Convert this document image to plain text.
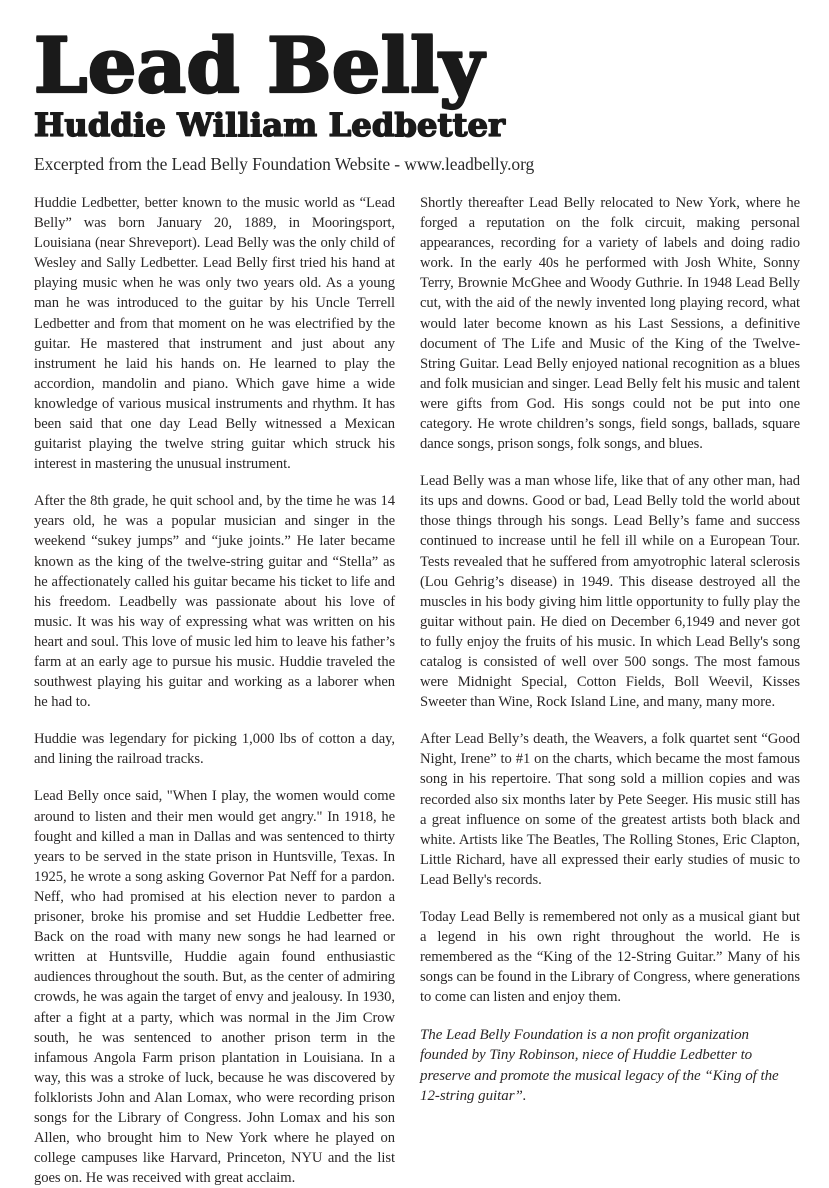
Lead Belly
Huddie William Ledbetter

Excerpted from the Lead Belly Foundation Website - www.leadbelly.org

Huddie Ledbetter, better known to the music world as “Lead Belly” was born January 20, 1889, in Mooringsport, Louisiana (near Shreveport). Lead Belly was the only child of Wesley and Sally Ledbetter. Lead Belly first tried his hand at playing music when he was only two years old. As a young man he was introduced to the guitar by his Uncle Terrell Ledbetter and from that moment on he was electrified by the guitar. He mastered that instrument and just about any instrument he laid his hands on. He learned to play the accordion, mandolin and piano. Which gave hime a wide knowledge of various musical instruments and rhythm. It has been said that one day Lead Belly witnessed a Mexican guitarist playing the twelve string guitar which struck his interest in mastering the unusual instrument.

After the 8th grade, he quit school and, by the time he was 14 years old, he was a popular musician and singer in the weekend “sukey jumps” and “juke joints.” He later became known as the king of the twelve-string guitar and “Stella” as he affectionately called his guitar became his ticket to life and his freedom. Leadbelly was passionate about his love of music. It was his way of expressing what was written on his heart and soul. This love of music led him to leave his father’s farm at an early age to pursue his music. Huddie traveled the southwest playing his guitar and working as a laborer when he had to.

Huddie was legendary for picking 1,000 lbs of cotton a day, and lining the railroad tracks.

Lead Belly once said, "When I play, the women would come around to listen and their men would get angry." In 1918, he fought and killed a man in Dallas and was sentenced to thirty years to be served in the state prison in Huntsville, Texas. In 1925, he wrote a song asking Governor Pat Neff for a pardon. Neff, who had promised at his election never to pardon a prisoner, broke his promise and set Huddie Ledbetter free. Back on the road with many new songs he had learned or written at Huntsville, Huddie again found enthusiastic audiences throughout the south. But, as the center of admiring crowds, he was again the target of envy and jealousy. In 1930, after a fight at a party, which was normal in the Jim Crow south, he was sentenced to another prison term in the infamous Angola Farm prison plantation in Louisiana. In a way, this was a stroke of luck, because he was discovered by folklorists John and Alan Lomax, who were recording prison songs for the Library of Congress. John Lomax and his son Allen, who brought him to New York where he played on college campuses like Harvard, Princeton, NYU and the list goes on. He was received with great acclaim.

Shortly thereafter Lead Belly relocated to New York, where he forged a reputation on the folk circuit, making personal appearances, recording for a variety of labels and doing radio work. In the early 40s he performed with Josh White, Sonny Terry, Brownie McGhee and Woody Guthrie. In 1948 Lead Belly cut, with the aid of the newly invented long playing record, what would later become known as his Last Sessions, a definitive document of The Life and Music of the King of the Twelve-String Guitar. Lead Belly enjoyed national recognition as a blues and folk musician and singer. Lead Belly felt his music and talent were gifts from God. His songs could not be put into one category. He wrote children’s songs, field songs, ballads, square dance songs, prison songs, folk songs, and blues.

Lead Belly was a man whose life, like that of any other man, had its ups and downs. Good or bad, Lead Belly told the world about those things through his songs. Lead Belly’s fame and success continued to increase until he fell ill while on a European Tour. Tests revealed that he suffered from amyotrophic lateral sclerosis (Lou Gehrig’s disease) in 1949. This disease destroyed all the muscles in his body giving him little opportunity to fully play the guitar without pain. He died on December 6,1949 and never got to fully enjoy the fruits of his music. In which Lead Belly's song catalog is consisted of well over 500 songs. The most famous were Midnight Special, Cotton Fields, Boll Weevil, Kisses Sweeter than Wine, Rock Island Line, and many, many more.

After Lead Belly’s death, the Weavers, a folk quartet sent “Good Night, Irene” to #1 on the charts, which became the most famous song in his repertoire. That song sold a million copies and was recorded also six months later by Pete Seeger. His music still has a great influence on some of the greatest artists both black and white. Artists like The Beatles, The Rolling Stones, Eric Clapton, Little Richard, have all expressed their early studies of music to Lead Belly's records.

Today Lead Belly is remembered not only as a musical giant but a legend in his own right throughout the world. He is remembered as the “King of the 12-String Guitar.” Many of his songs can be found in the Library of Congress, where generations to come can listen and enjoy them.

The Lead Belly Foundation is a non profit organization founded by Tiny Robinson, niece of Huddie Ledbetter to preserve and promote the musical legacy of the “King of the 12-string guitar”.
